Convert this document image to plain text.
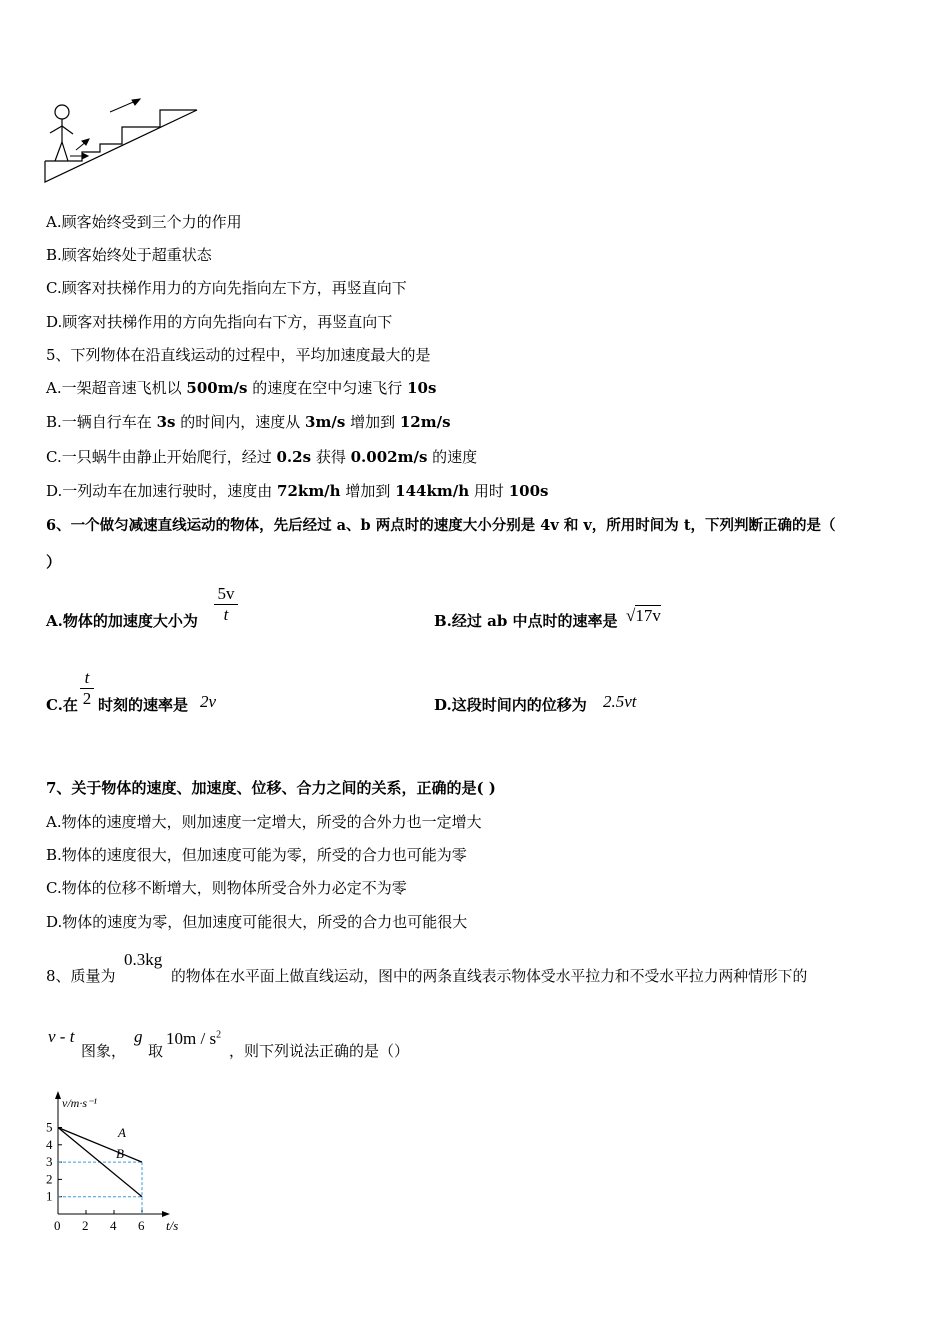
A.顾客始终受到三个力的作用
B.顾客始终处于超重状态
C.顾客对扶梯作用力的方向先指向左下方，再竖直向下
D.顾客对扶梯作用的方向先指向右下方，再竖直向下
5、下列物体在沿直线运动的过程中，平均加速度最大的是
A.一架超音速飞机以 500m/s 的速度在空中匀速飞行 10s
B.一辆自行车在 3s 的时间内，速度从 3m/s 增加到 12m/s
C.一只蜗牛由静止开始爬行，经过 0.2s 获得 0.002m/s 的速度
D.一列动车在加速行驶时，速度由 72km/h 增加到 144km/h 用时 100s
6、一个做匀减速直线运动的物体，先后经过 a、b 两点时的速度大小分别是 4v 和 v，所用时间为 t，下列判断正确的是（
）
A.物体的加速度大小为
5v
t	B.经过 ab 中点时的速率是 √17v
C.在
t
2 时刻的速率是 2v	D.这段时间内的位移为 2.5vt
7、关于物体的速度、加速度、位移、合力之间的关系，正确的是( )
A.物体的速度增大，则加速度一定增大，所受的合外力也一定增大
B.物体的速度很大，但加速度可能为零，所受的合力也可能为零
C.物体的位移不断增大，则物体所受合外力必定不为零
D.物体的速度为零，但加速度可能很大，所受的合力也可能很大
8、质量为
0.3kg
的物体在水平面上做直线运动，图中的两条直线表示物体受水平拉力和不受水平拉力两种情形下的
v - t
图象，
g
取
$10m / s^2$
，则下列说法正确的是（）
1
2
3
4
5
0 2 4 6
v/m·s⁻¹
t/s
A
B
